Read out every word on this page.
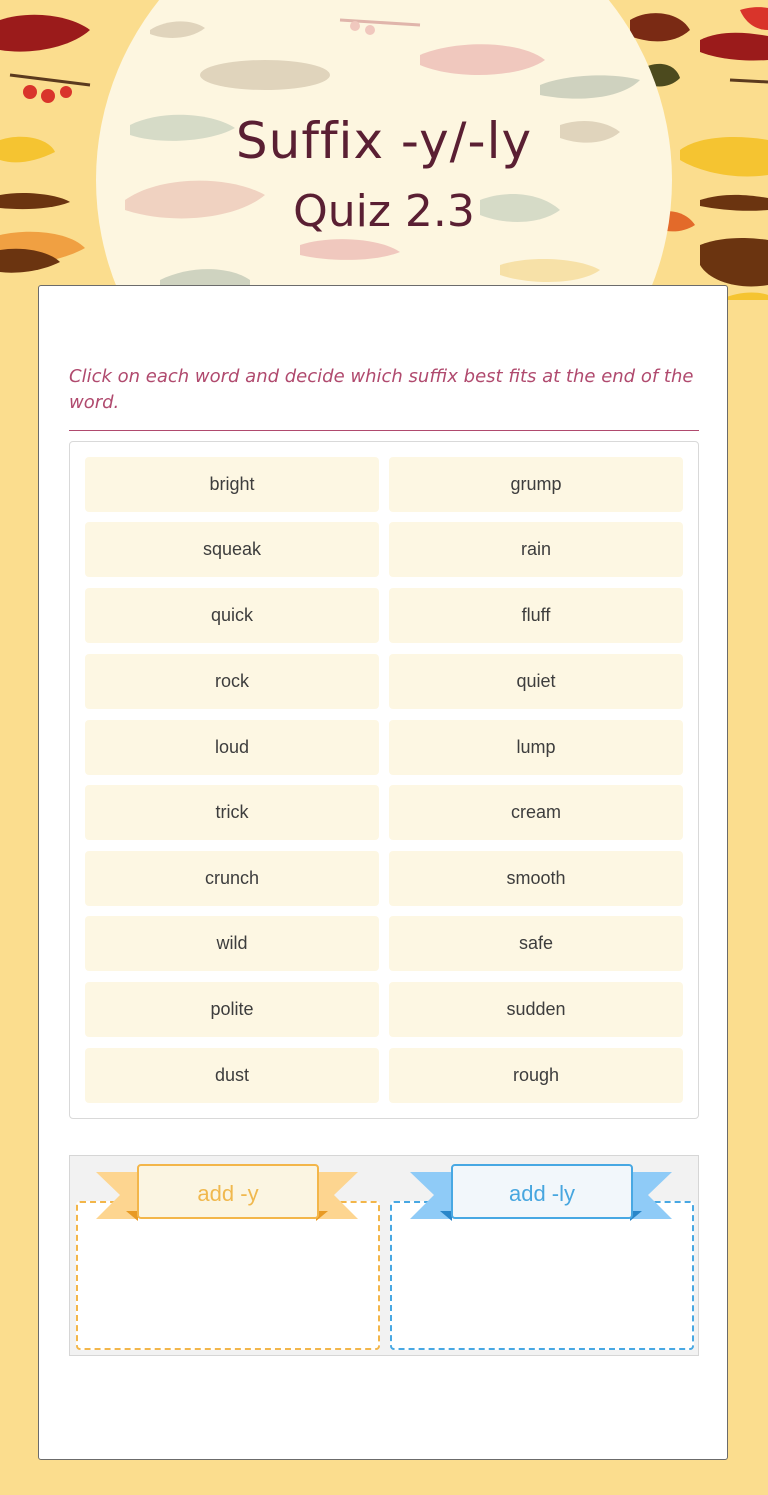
Suffix -y/-ly
Quiz 2.3
Click on each word and decide which suffix best fits at the end of the word.
bright	grump
squeak	rain
quick	fluff
rock	quiet
loud	lump
trick	cream
crunch	smooth
wild	safe
polite	sudden
dust	rough
add -y	add -ly
